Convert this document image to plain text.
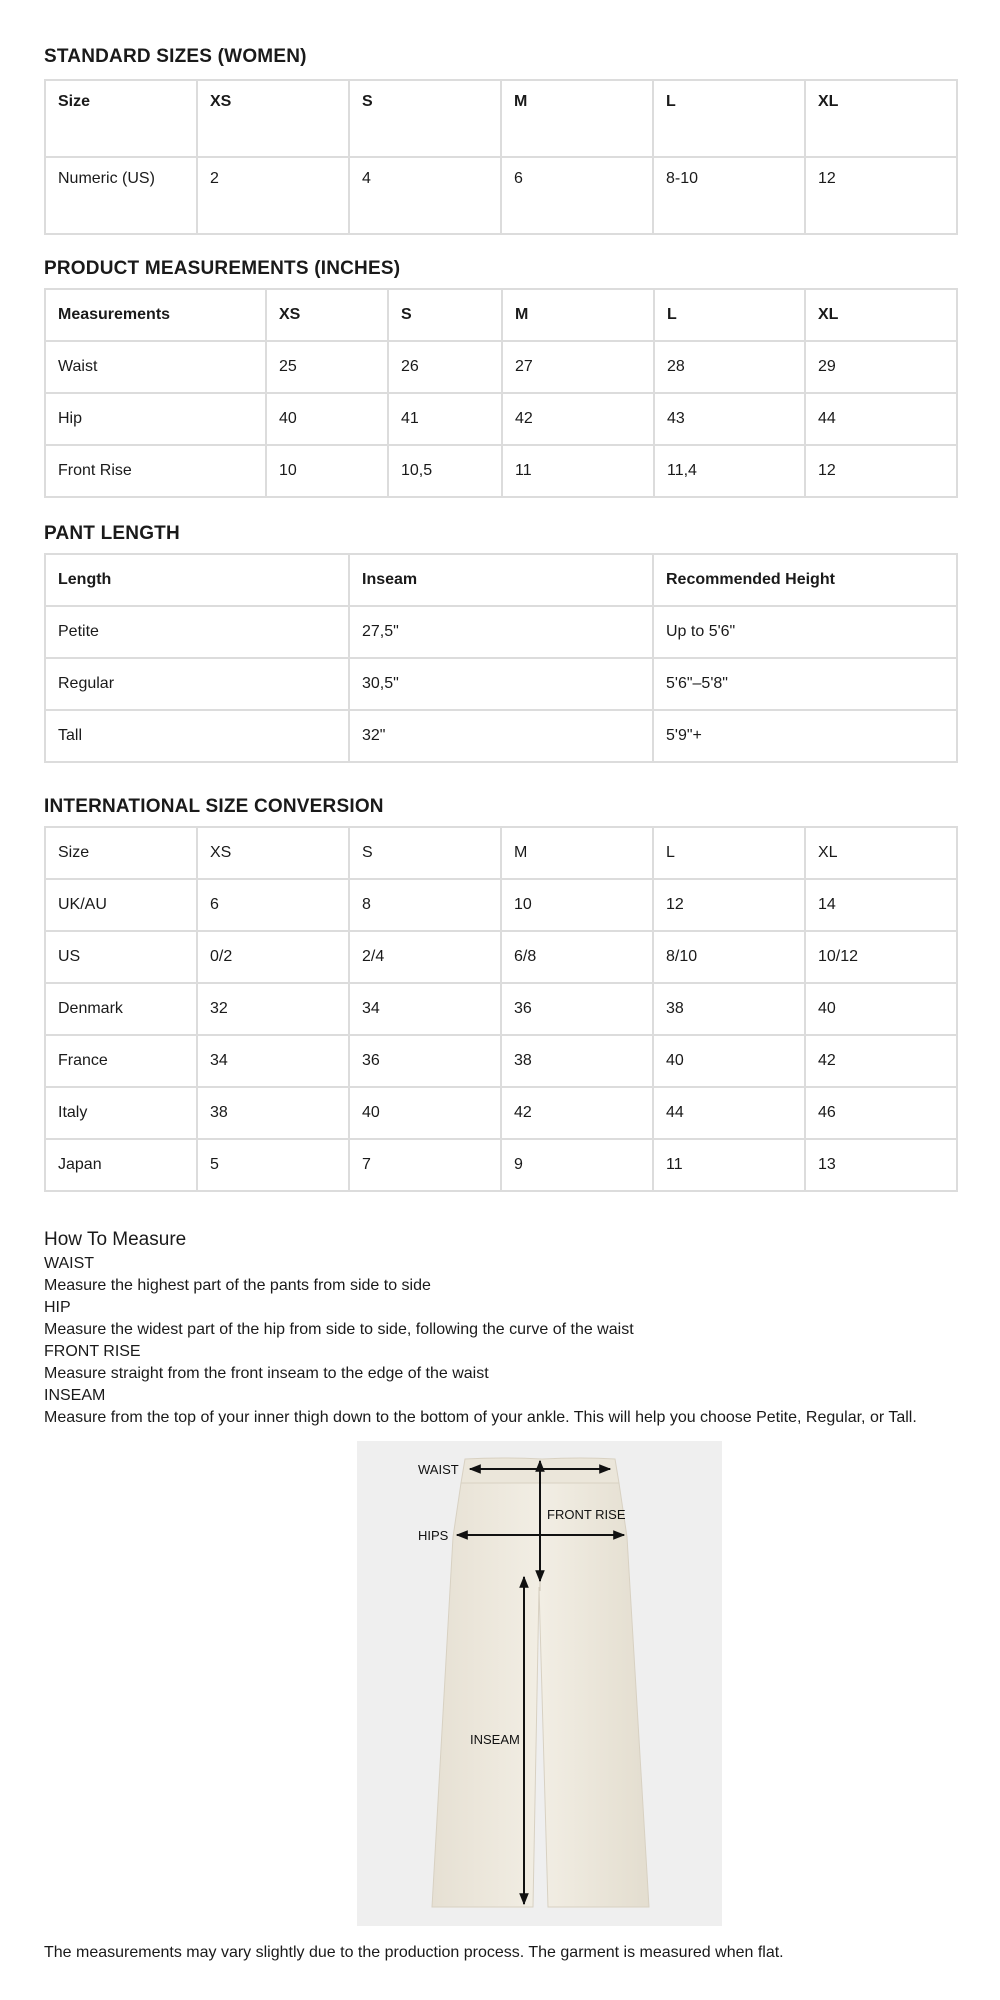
STANDARD SIZES (WOMEN)
Size	XS	S	M	L	XL
Numeric (US)	2	4	6	8-10	12
PRODUCT MEASUREMENTS (INCHES)
Measurements	XS	S	M	L	XL
Waist	25	26	27	28	29
Hip	40	41	42	43	44
Front Rise	10	10,5	11	11,4	12
PANT LENGTH
Length	Inseam	Recommended Height
Petite	27,5"	Up to 5'6"
Regular	30,5"	5'6"–5'8"
Tall	32"	5'9"+
INTERNATIONAL SIZE CONVERSION
Size	XS	S	M	L	XL
UK/AU	6	8	10	12	14
US	0/2	2/4	6/8	8/10	10/12
Denmark	32	34	36	38	40
France	34	36	38	40	42
Italy	38	40	42	44	46
Japan	5	7	9	11	13
How To Measure

WAIST

Measure the highest part of the pants from side to side

HIP

Measure the widest part of the hip from side to side, following the curve of the waist

FRONT RISE

Measure straight from the front inseam to the edge of the waist

INSEAM

Measure from the top of your inner thigh down to the bottom of your ankle. This will help you choose Petite, Regular, or Tall.

WAIST
FRONT RISE
HIPS
INSEAM
The measurements may vary slightly due to the production process. The garment is measured when flat.
